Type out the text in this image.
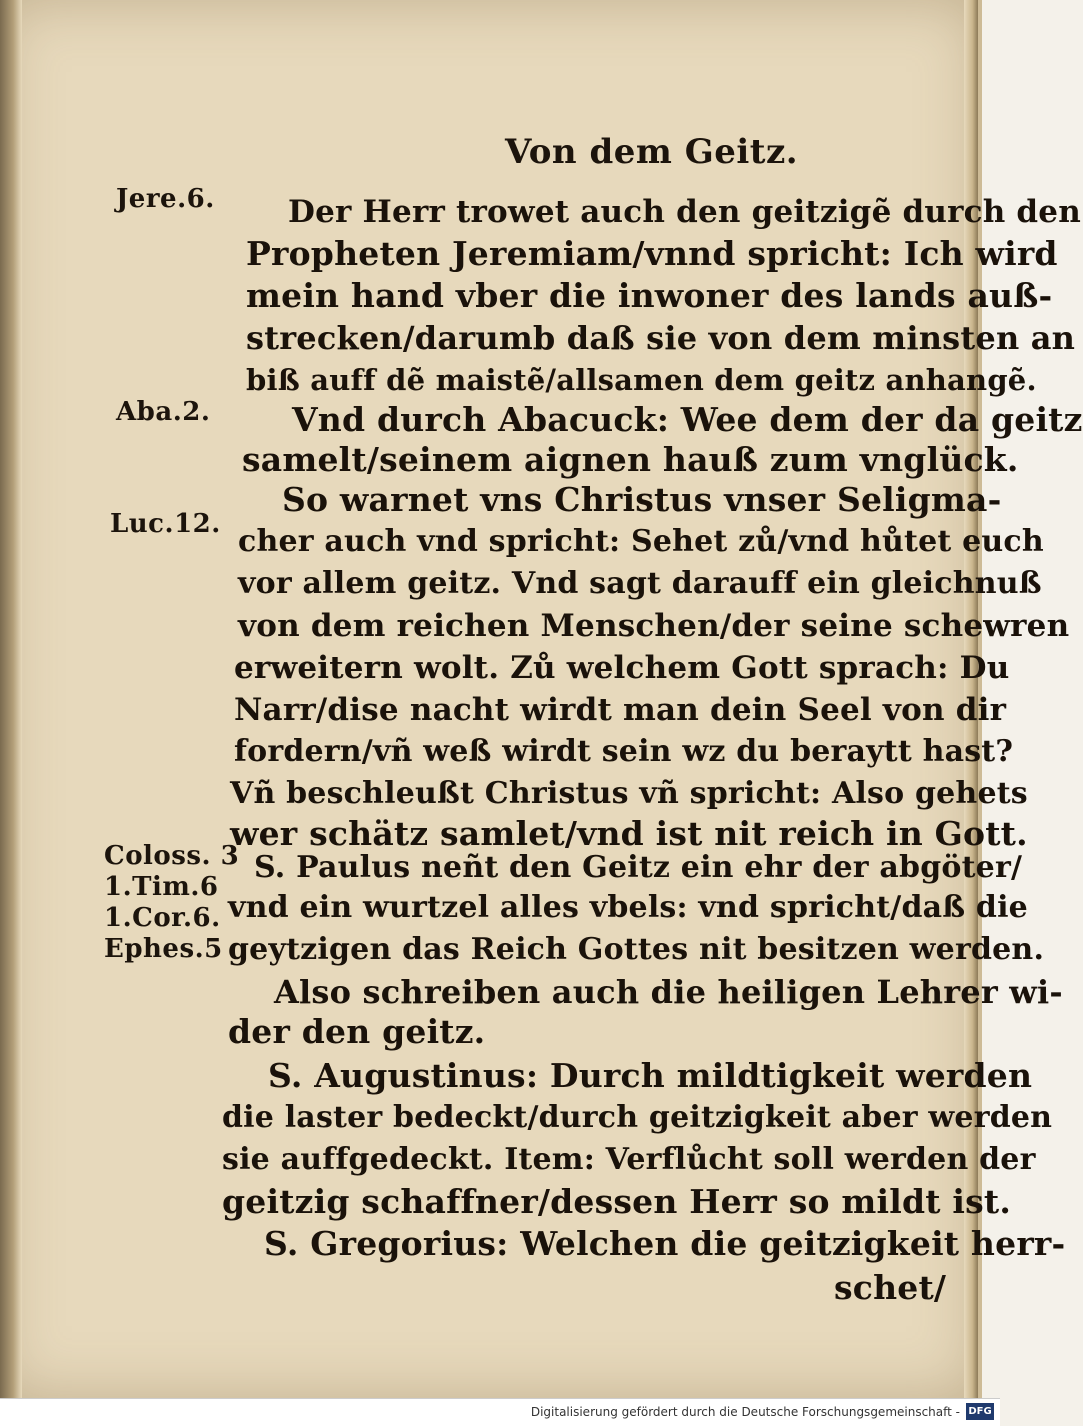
Von dem Geitz.
Jere.6.
Aba.2.
Luc.12.
Coloss. 3
1.Tim.6
1.Cor.6.
Ephes.5
Der Herr trowet auch den geitzigẽ durch den
Propheten Jeremiam/vnnd spricht: Ich wird
mein hand vber die inwoner des lands auß-
strecken/darumb daß sie von dem minsten an
biß auff dẽ maistẽ/allsamen dem geitz anhangẽ.
Vnd durch Abacuck: Wee dem der da geitz
samelt/seinem aignen hauß zum vnglück.
So warnet vns Christus vnser Seligma-
cher auch vnd spricht: Sehet zů/vnd hůtet euch
vor allem geitz. Vnd sagt darauff ein gleichnuß
von dem reichen Menschen/der seine schewren
erweitern wolt. Zů welchem Gott sprach: Du
Narr/dise nacht wirdt man dein Seel von dir
fordern/vñ weß wirdt sein wz du beraytt hast?
Vñ beschleußt Christus vñ spricht: Also gehets
wer schätz samlet/vnd ist nit reich in Gott.
S. Paulus neñt den Geitz ein ehr der abgöter/
vnd ein wurtzel alles vbels: vnd spricht/daß die
geytzigen das Reich Gottes nit besitzen werden.
Also schreiben auch die heiligen Lehrer wi-
der den geitz.
S. Augustinus: Durch mildtigkeit werden
die laster bedeckt/durch geitzigkeit aber werden
sie auffgedeckt. Item: Verflůcht soll werden der
geitzig schaffner/dessen Herr so mildt ist.
S. Gregorius: Welchen die geitzigkeit herr-
schet/
Digitalisierung gefördert durch die Deutsche Forschungsgemeinschaft - DFG
